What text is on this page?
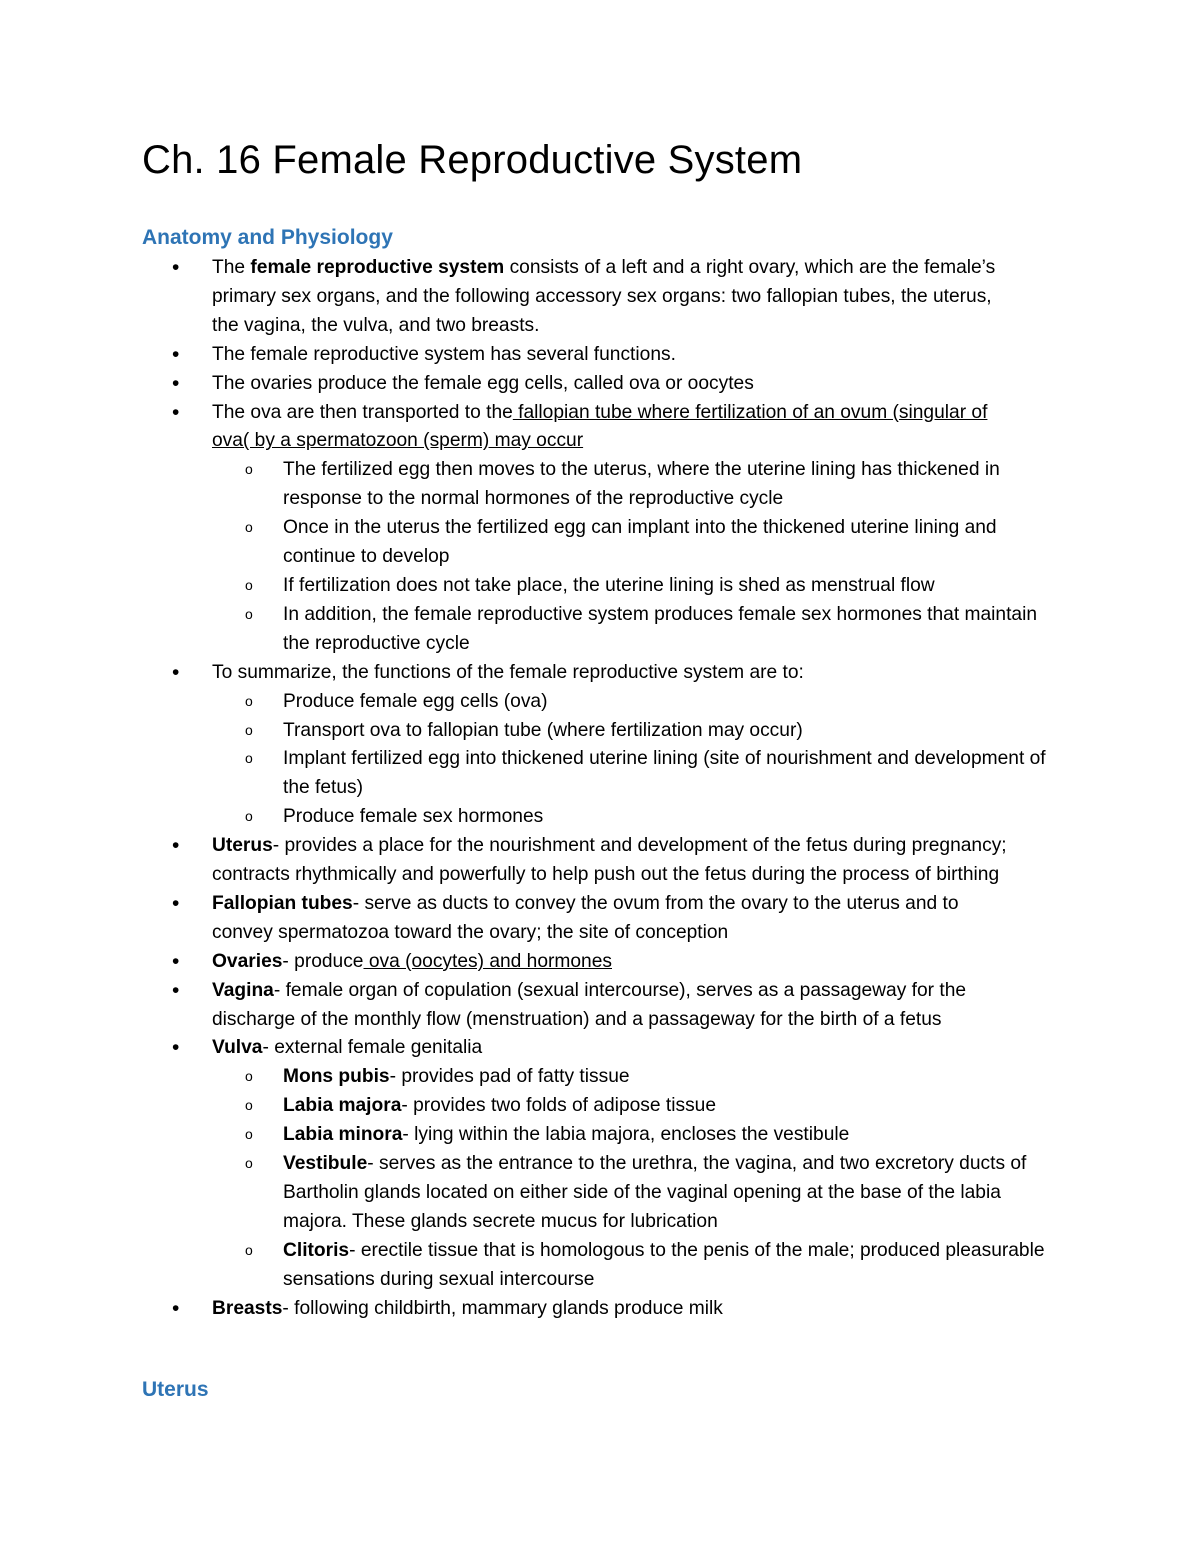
Ch. 16 Female Reproductive System
Anatomy and Physiology
• The female reproductive system consists of a left and a right ovary, which are the female’s primary sex organs, and the following accessory sex organs: two fallopian tubes, the uterus, the vagina, the vulva, and two breasts.
• The female reproductive system has several functions.
• The ovaries produce the female egg cells, called ova or oocytes
• The ova are then transported to the fallopian tube where fertilization of an ovum (singular of ova( by a spermatozoon (sperm) may occur
o The fertilized egg then moves to the uterus, where the uterine lining has thickened in response to the normal hormones of the reproductive cycle
o Once in the uterus the fertilized egg can implant into the thickened uterine lining and continue to develop
o If fertilization does not take place, the uterine lining is shed as menstrual flow
o In addition, the female reproductive system produces female sex hormones that maintain the reproductive cycle
• To summarize, the functions of the female reproductive system are to:
o Produce female egg cells (ova)
o Transport ova to fallopian tube (where fertilization may occur)
o Implant fertilized egg into thickened uterine lining (site of nourishment and development of the fetus)
o Produce female sex hormones
• Uterus- provides a place for the nourishment and development of the fetus during pregnancy; contracts rhythmically and powerfully to help push out the fetus during the process of birthing
• Fallopian tubes- serve as ducts to convey the ovum from the ovary to the uterus and to convey spermatozoa toward the ovary; the site of conception
• Ovaries- produce ova (oocytes) and hormones
• Vagina- female organ of copulation (sexual intercourse), serves as a passageway for the discharge of the monthly flow (menstruation) and a passageway for the birth of a fetus
• Vulva- external female genitalia
o Mons pubis- provides pad of fatty tissue
o Labia majora- provides two folds of adipose tissue
o Labia minora- lying within the labia majora, encloses the vestibule
o Vestibule- serves as the entrance to the urethra, the vagina, and two excretory ducts of Bartholin glands located on either side of the vaginal opening at the base of the labia majora. These glands secrete mucus for lubrication
o Clitoris- erectile tissue that is homologous to the penis of the male; produced pleasurable sensations during sexual intercourse
• Breasts- following childbirth, mammary glands produce milk
Uterus
